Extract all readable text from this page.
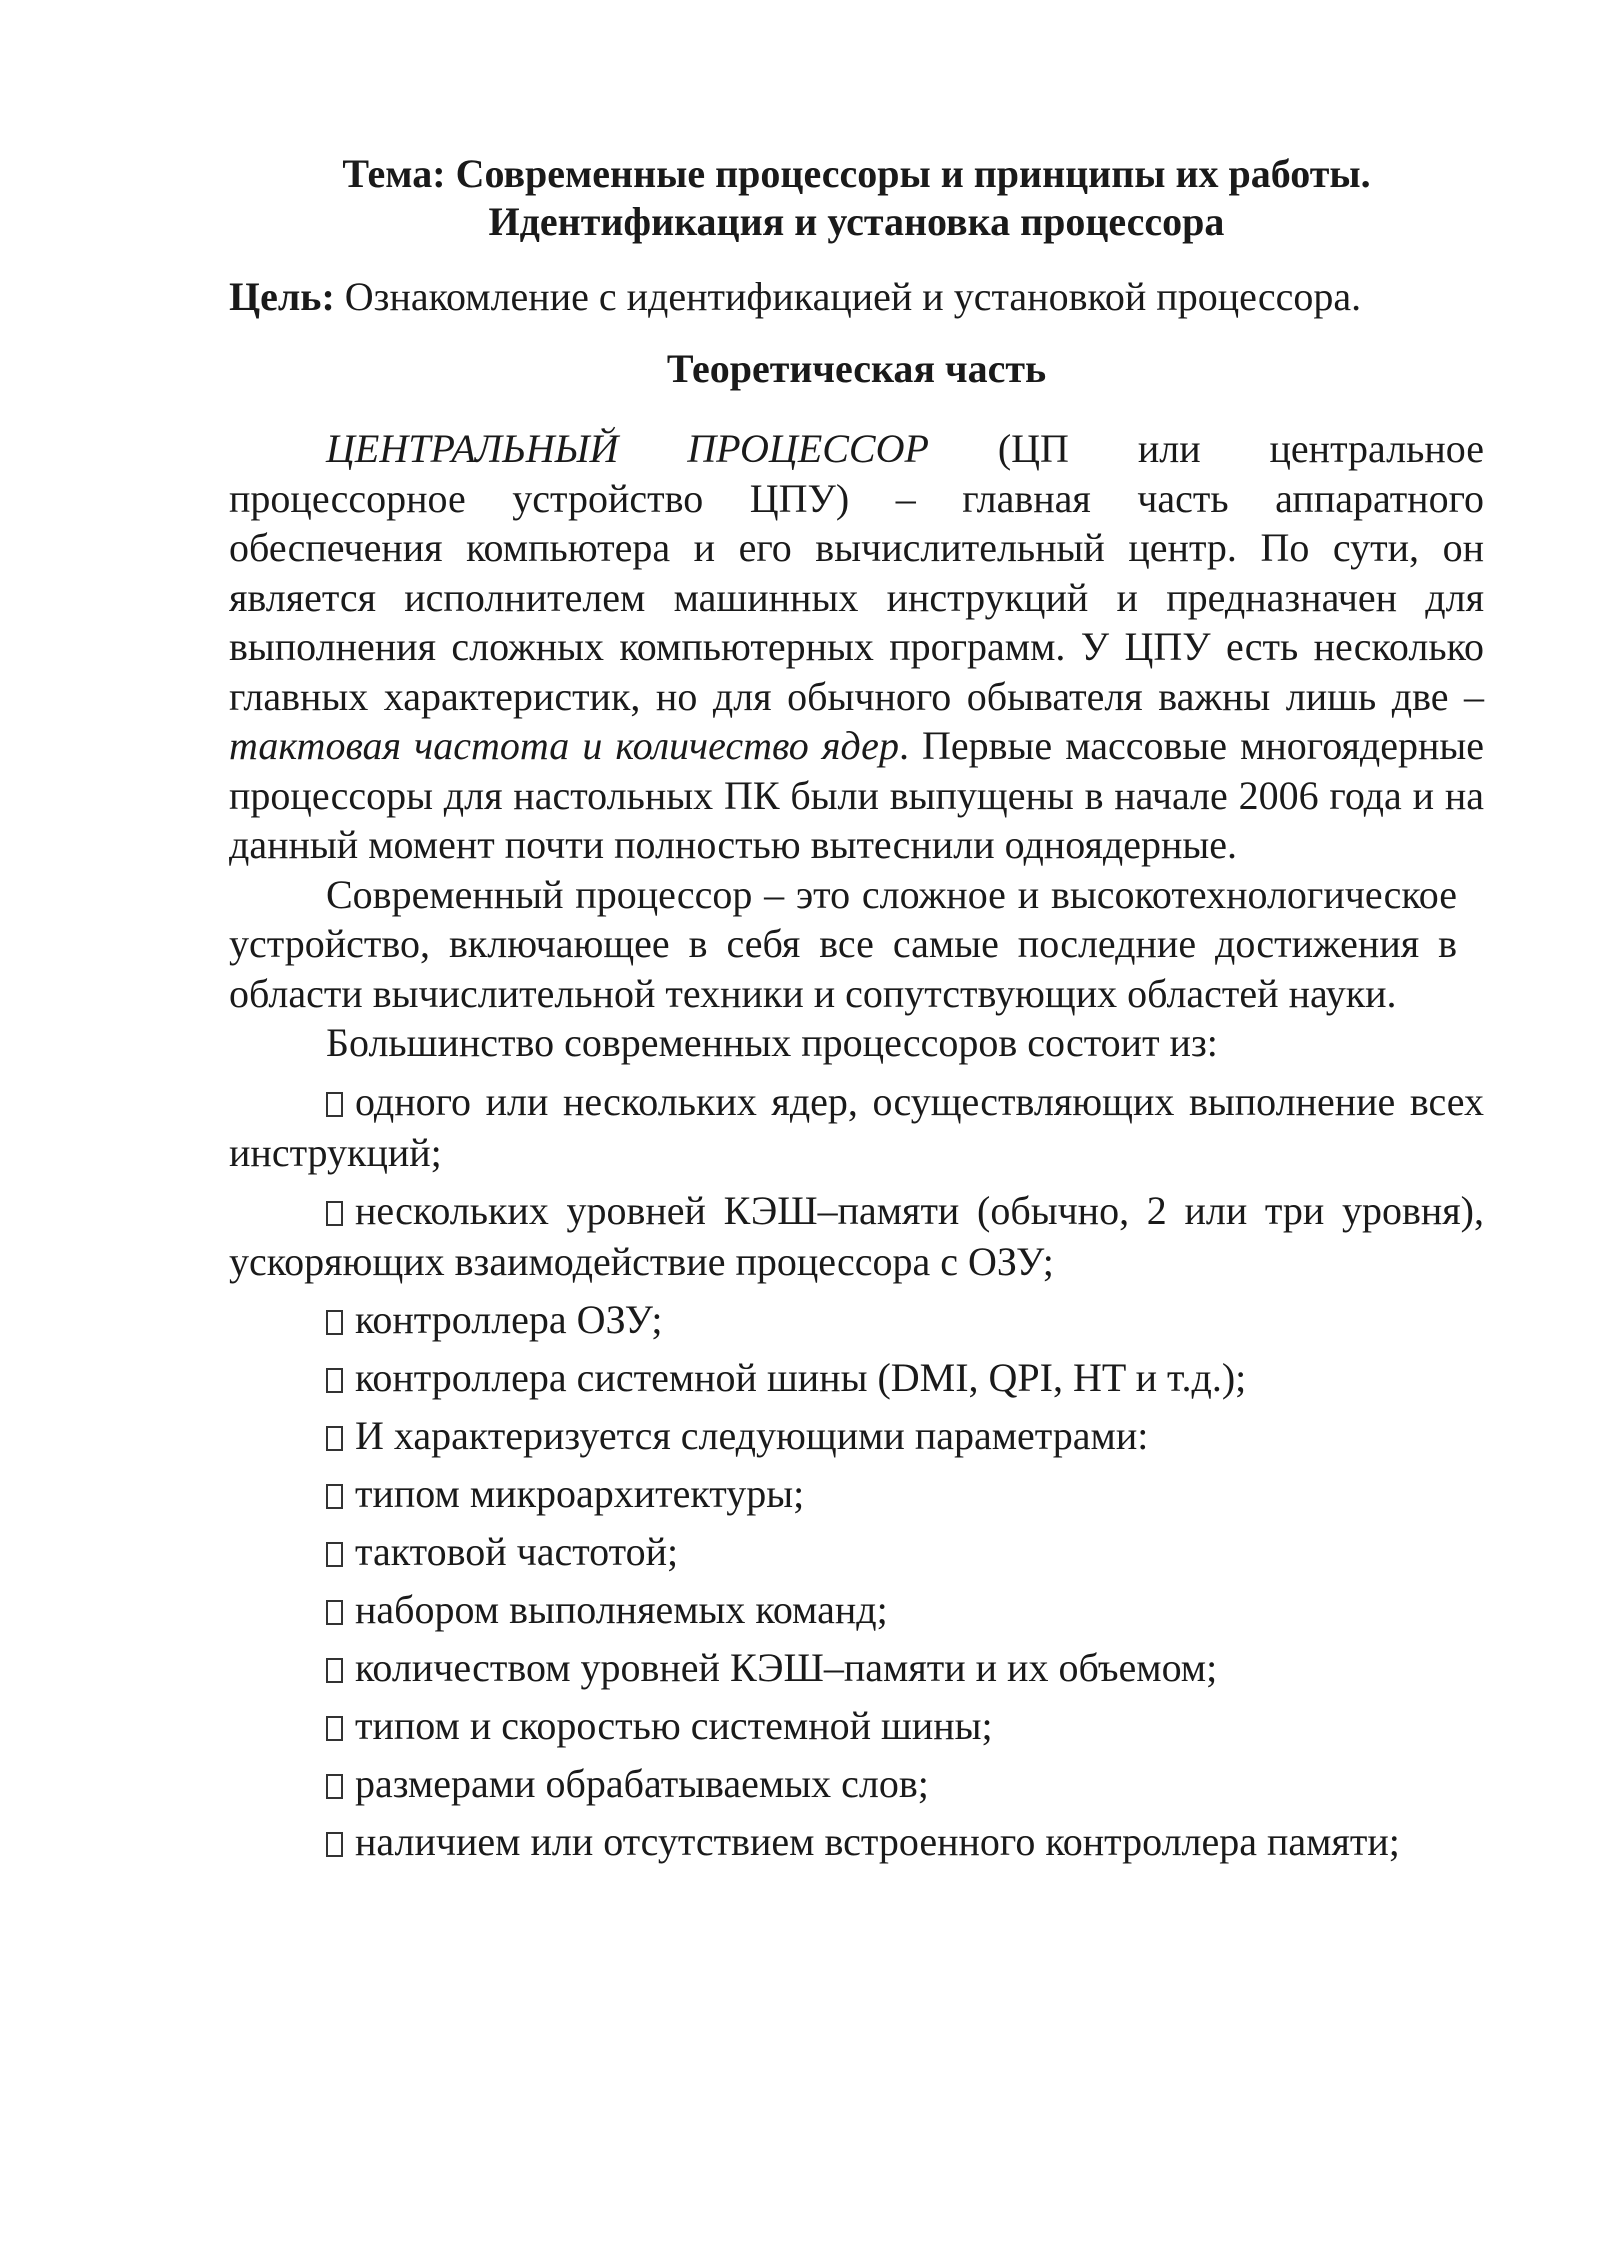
Тема: Современные процессоры и принципы их работы.
Идентификация и установка процессора
Цель: Ознакомление с идентификацией и установкой процессора.
Теоретическая часть

ЦЕНТРАЛЬНЫЙ ПРОЦЕССОР (ЦП или центральное процессорное устройство ЦПУ) – главная часть аппаратного обеспечения компьютера и его вычислительный центр. По сути, он является исполнителем машинных инструкций и предназначен для выполнения сложных компьютерных программ. У ЦПУ есть несколько главных характеристик, но для обычного обывателя важны лишь две – тактовая частота и количество ядер. Первые массовые многоядерные процессоры для настольных ПК были выпущены в начале 2006 года и на данный момент почти полностью вытеснили одноядерные.

Современный процессор – это сложное и высокотехнологическое устройство, включающее в себя все самые последние достижения в области вычислительной техники и сопутствующих областей науки.

Большинство современных процессоров состоит из:

одного или нескольких ядер, осуществляющих выполнение всех инструкций;

нескольких уровней КЭШ–памяти (обычно, 2 или три уровня), ускоряющих взаимодействие процессора с ОЗУ;

контроллера ОЗУ;

контроллера системной шины (DMI, QPI, HT и т.д.);

И характеризуется следующими параметрами:

типом микроархитектуры;

тактовой частотой;

набором выполняемых команд;

количеством уровней КЭШ–памяти и их объемом;

типом и скоростью системной шины;

размерами обрабатываемых слов;

наличием или отсутствием встроенного контроллера памяти;
